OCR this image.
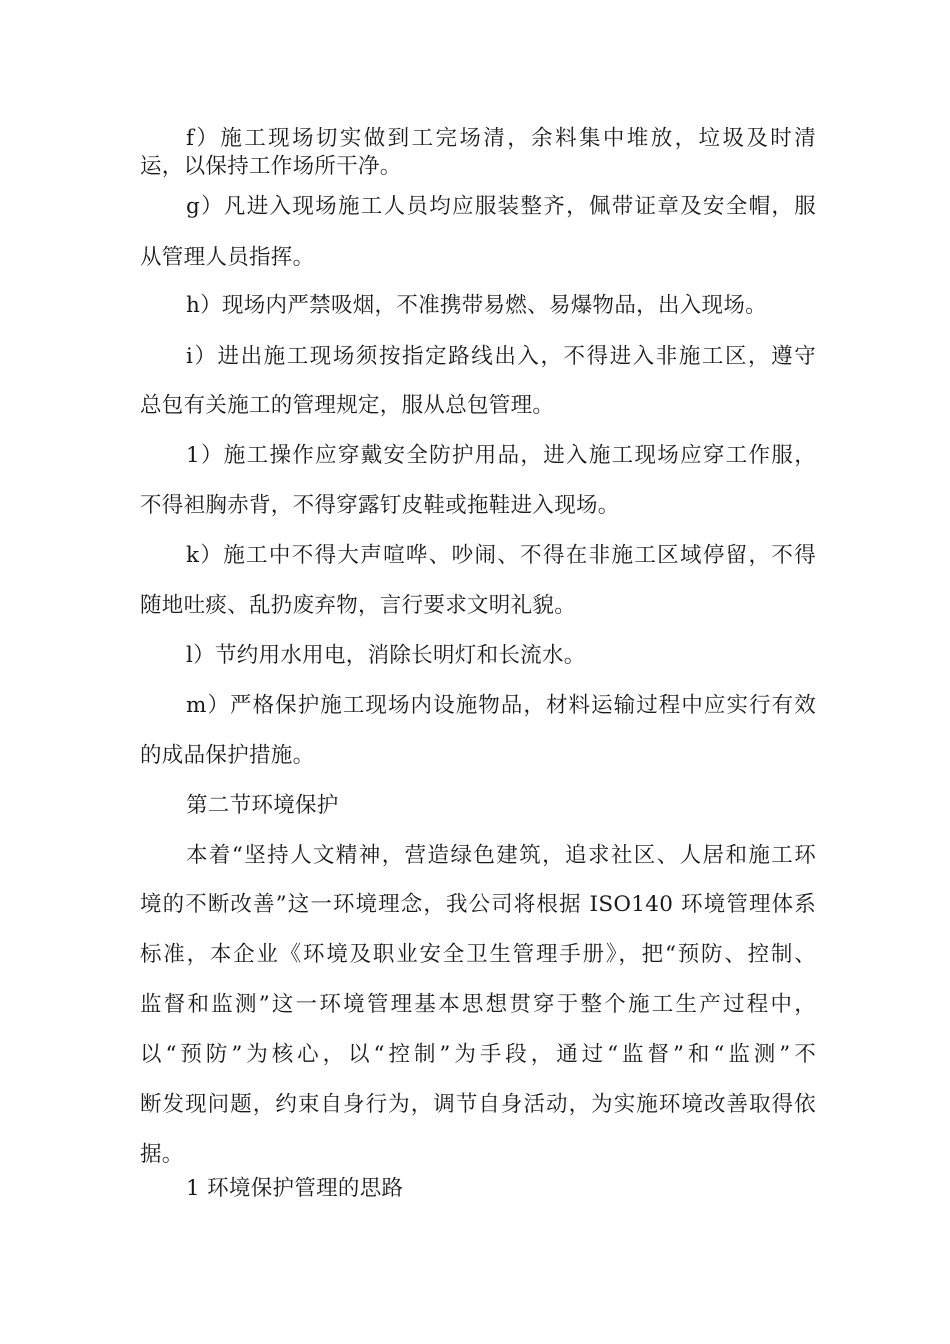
f）施工现场切实做到工完场清，余料集中堆放，垃圾及时清
运，以保持工作场所干净。
g）凡进入现场施工人员均应服装整齐，佩带证章及安全帽，服
从管理人员指挥。
h）现场内严禁吸烟，不准携带易燃、易爆物品，出入现场。
i）进出施工现场须按指定路线出入，不得进入非施工区，遵守
总包有关施工的管理规定，服从总包管理。
1）施工操作应穿戴安全防护用品，进入施工现场应穿工作服，
不得袒胸赤背，不得穿露钉皮鞋或拖鞋进入现场。
k）施工中不得大声喧哗、吵闹、不得在非施工区域停留，不得
随地吐痰、乱扔废弃物，言行要求文明礼貌。
l）节约用水用电，消除长明灯和长流水。
m）严格保护施工现场内设施物品，材料运输过程中应实行有效
的成品保护措施。
第二节环境保护
本着“坚持人文精神，营造绿色建筑，追求社区、人居和施工环
境的不断改善”这一环境理念，我公司将根据 ISO140 环境管理体系
标准，本企业《环境及职业安全卫生管理手册》，把“预防、控制、
监督和监测”这一环境管理基本思想贯穿于整个施工生产过程中，
以“预防”为核心，以“控制”为手段，通过“监督”和“监测”不
断发现问题，约束自身行为，调节自身活动，为实施环境改善取得依
据。
1 环境保护管理的思路
